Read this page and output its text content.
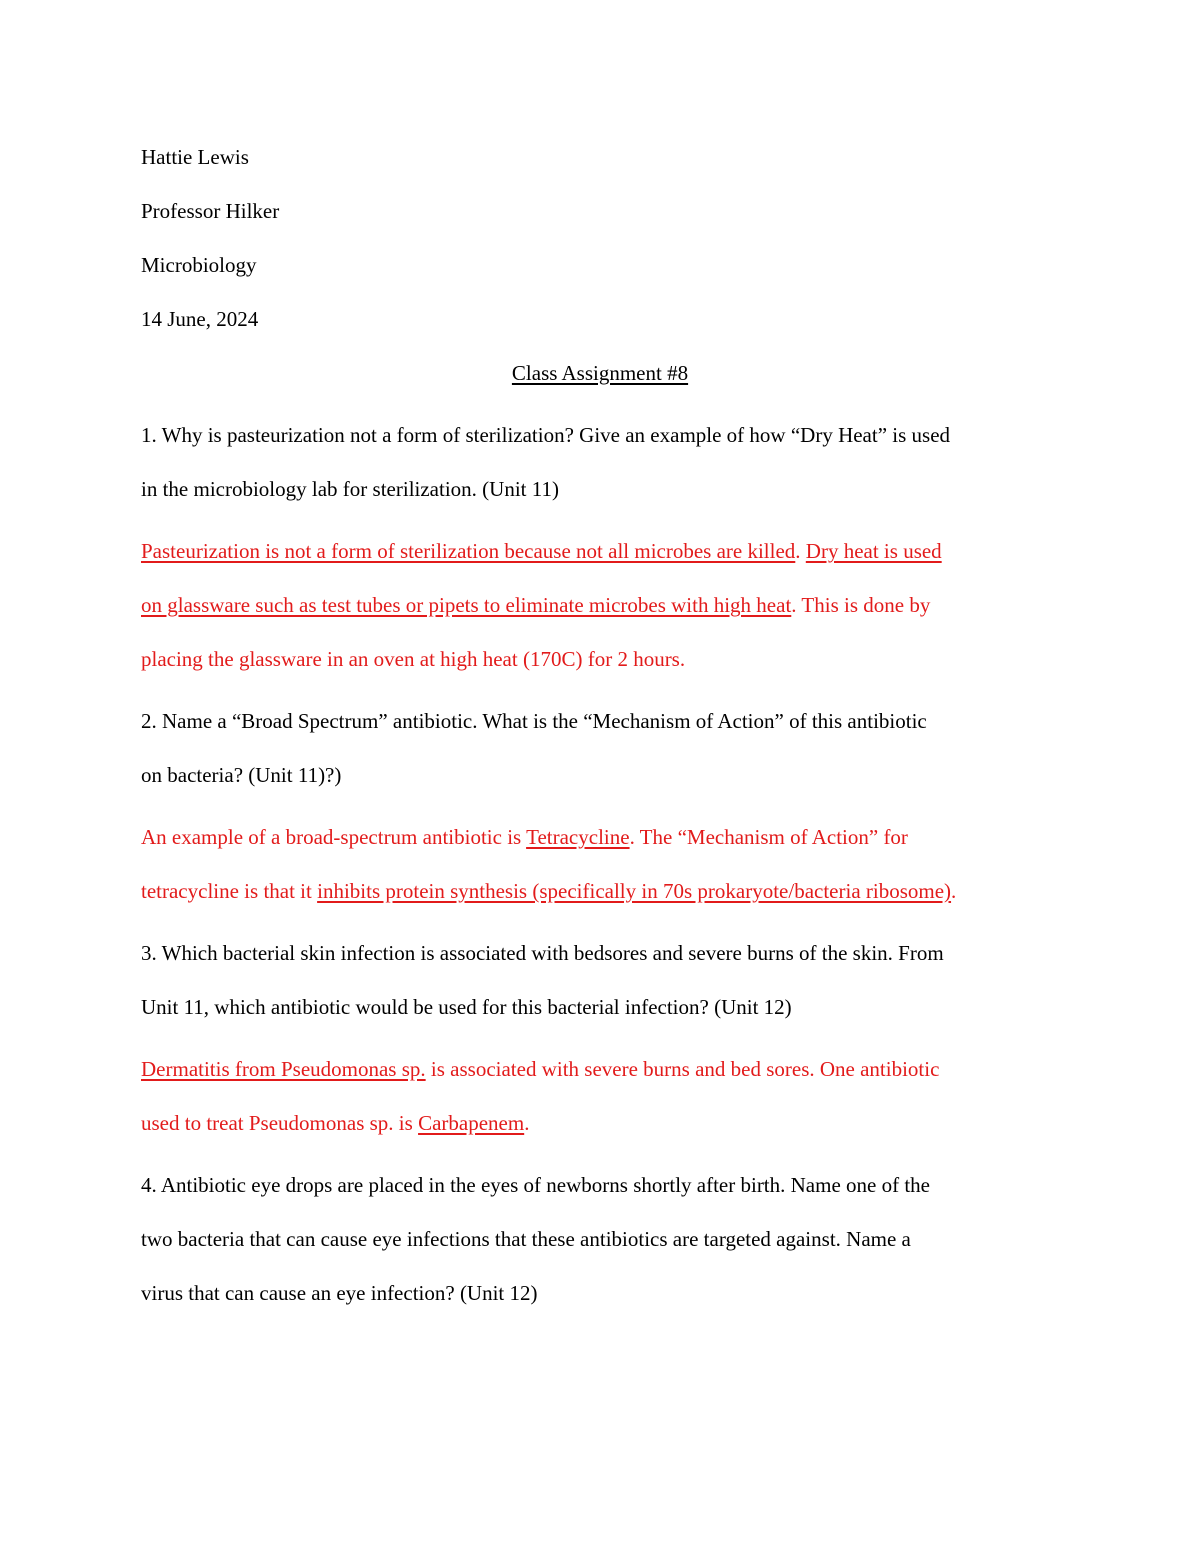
Hattie Lewis
Professor Hilker
Microbiology
14 June, 2024
Class Assignment #8
1. Why is pasteurization not a form of sterilization? Give an example of how “Dry Heat” is used
in the microbiology lab for sterilization. (Unit 11)
Pasteurization is not a form of sterilization because not all microbes are killed. Dry heat is used
on glassware such as test tubes or pipets to eliminate microbes with high heat. This is done by
placing the glassware in an oven at high heat (170C) for 2 hours.
2. Name a “Broad Spectrum” antibiotic. What is the “Mechanism of Action” of this antibiotic
on bacteria? (Unit 11)?)
An example of a broad-spectrum antibiotic is Tetracycline. The “Mechanism of Action” for
tetracycline is that it inhibits protein synthesis (specifically in 70s prokaryote/bacteria ribosome).
3. Which bacterial skin infection is associated with bedsores and severe burns of the skin. From
Unit 11, which antibiotic would be used for this bacterial infection? (Unit 12)
Dermatitis from Pseudomonas sp. is associated with severe burns and bed sores. One antibiotic
used to treat Pseudomonas sp. is Carbapenem.
4. Antibiotic eye drops are placed in the eyes of newborns shortly after birth. Name one of the
two bacteria that can cause eye infections that these antibiotics are targeted against. Name a
virus that can cause an eye infection? (Unit 12)
